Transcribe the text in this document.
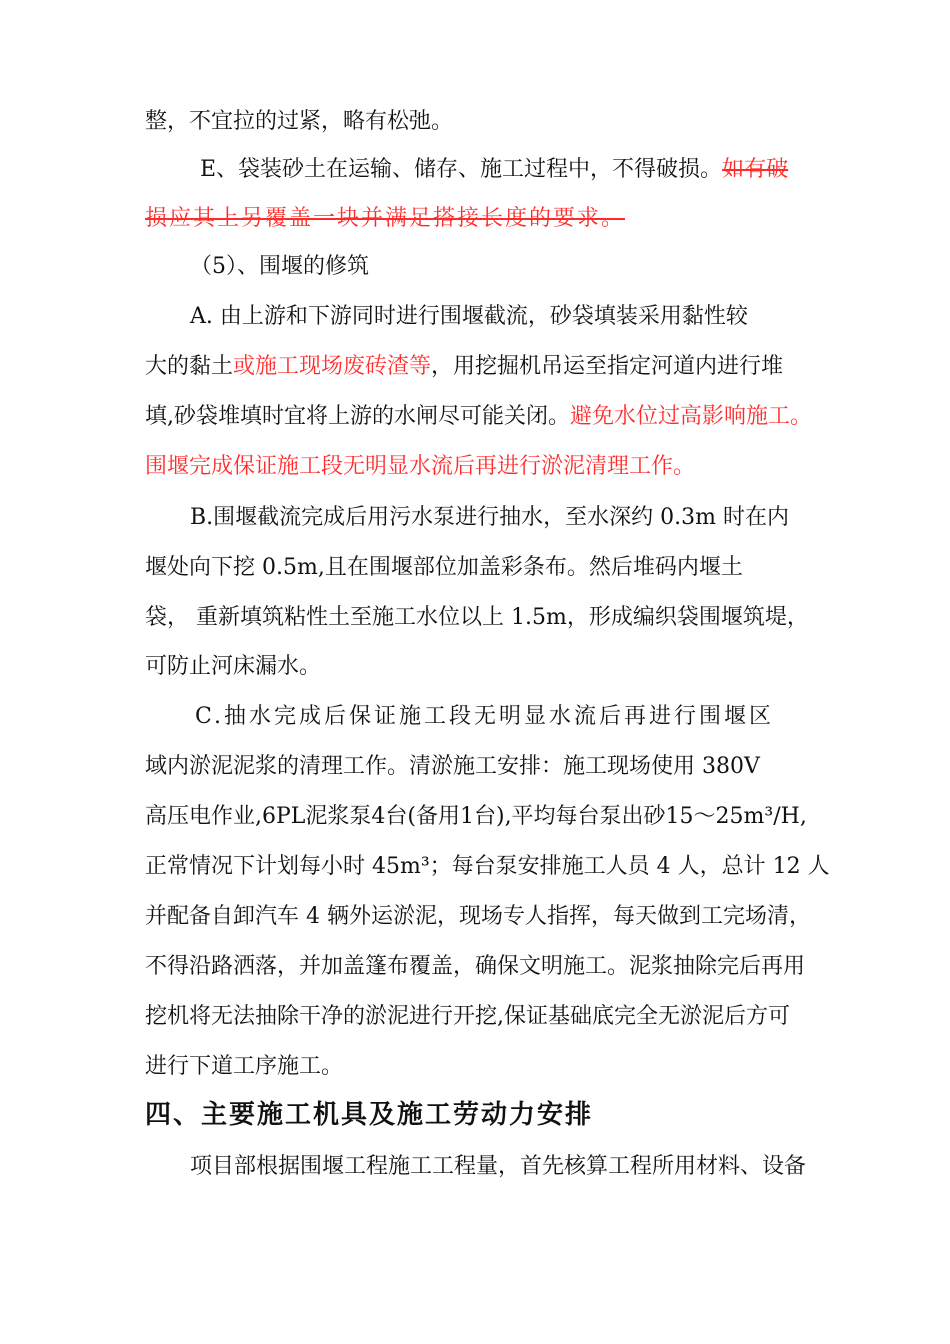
整，不宜拉的过紧，略有松弛。
E、袋装砂土在运输、储存、施工过程中，不得破损。如有破
损应其上另覆盖一块并满足搭接长度的要求。
（5）、围堰的修筑
A. 由上游和下游同时进行围堰截流，砂袋填装采用黏性较
大的黏土或施工现场废砖渣等，用挖掘机吊运至指定河道内进行堆
填,砂袋堆填时宜将上游的水闸尽可能关闭。避免水位过高影响施工。
围堰完成保证施工段无明显水流后再进行淤泥清理工作。
B.围堰截流完成后用污水泵进行抽水，至水深约 0.3m 时在内
堰处向下挖 0.5m,且在围堰部位加盖彩条布。然后堆码内堰土
袋， 重新填筑粘性土至施工水位以上 1.5m，形成编织袋围堰筑堤，
可防止河床漏水。
C.抽水完成后保证施工段无明显水流后再进行围堰区
域内淤泥泥浆的清理工作。清淤施工安排：施工现场使用 380V
高压电作业,6PL泥浆泵4台(备用1台),平均每台泵出砂15～25m³/H,
正常情况下计划每小时 45m³；每台泵安排施工人员 4 人，总计 12 人
并配备自卸汽车 4 辆外运淤泥，现场专人指挥，每天做到工完场清，
不得沿路洒落，并加盖篷布覆盖，确保文明施工。泥浆抽除完后再用
挖机将无法抽除干净的淤泥进行开挖,保证基础底完全无淤泥后方可
进行下道工序施工。
四、主要施工机具及施工劳动力安排
项目部根据围堰工程施工工程量，首先核算工程所用材料、设备
